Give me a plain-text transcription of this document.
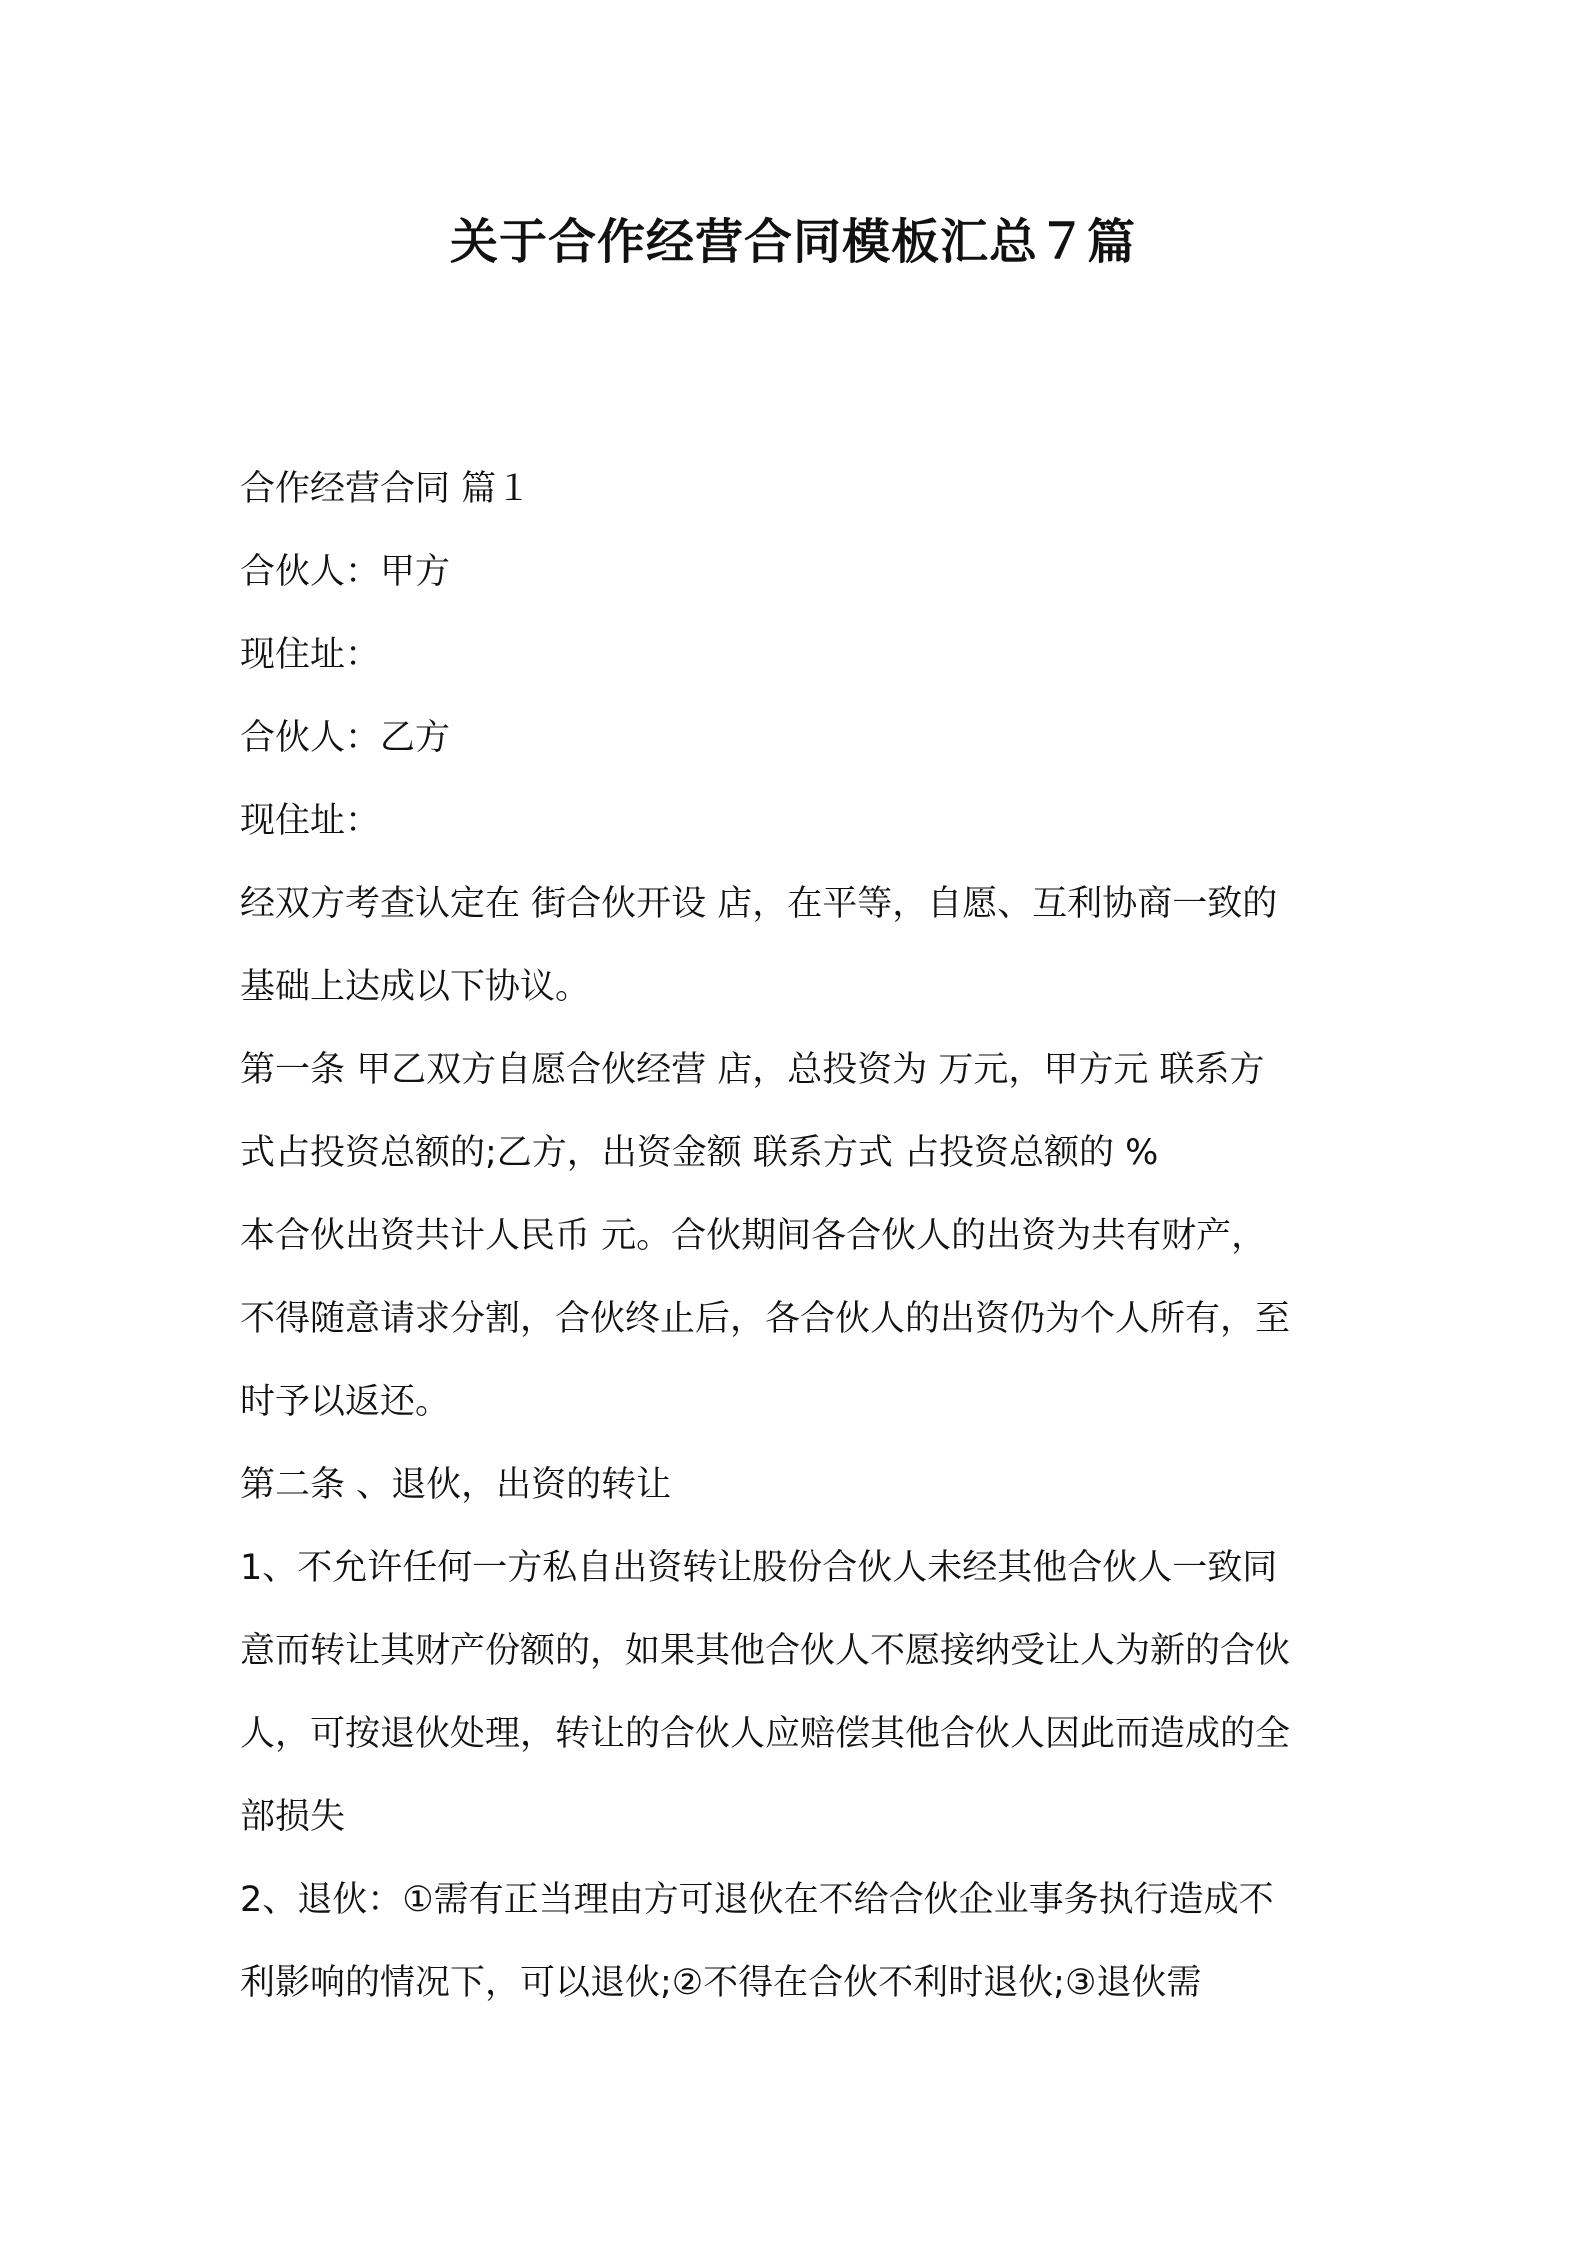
关于合作经营合同模板汇总７篇
合作经营合同 篇１
合伙人：甲方
现住址：
合伙人：乙方
现住址：
经双方考查认定在 街合伙开设 店，在平等，自愿、互利协商一致的
基础上达成以下协议。
第一条 甲乙双方自愿合伙经营 店，总投资为 万元，甲方元 联系方
式占投资总额的;乙方，出资金额 联系方式 占投资总额的 %
本合伙出资共计人民币 元。合伙期间各合伙人的出资为共有财产，
不得随意请求分割，合伙终止后，各合伙人的出资仍为个人所有，至
时予以返还。
第二条 、退伙，出资的转让
1、不允许任何一方私自出资转让股份合伙人未经其他合伙人一致同
意而转让其财产份额的，如果其他合伙人不愿接纳受让人为新的合伙
人，可按退伙处理，转让的合伙人应赔偿其他合伙人因此而造成的全
部损失
2、退伙：①需有正当理由方可退伙在不给合伙企业事务执行造成不
利影响的情况下，可以退伙;②不得在合伙不利时退伙;③退伙需
